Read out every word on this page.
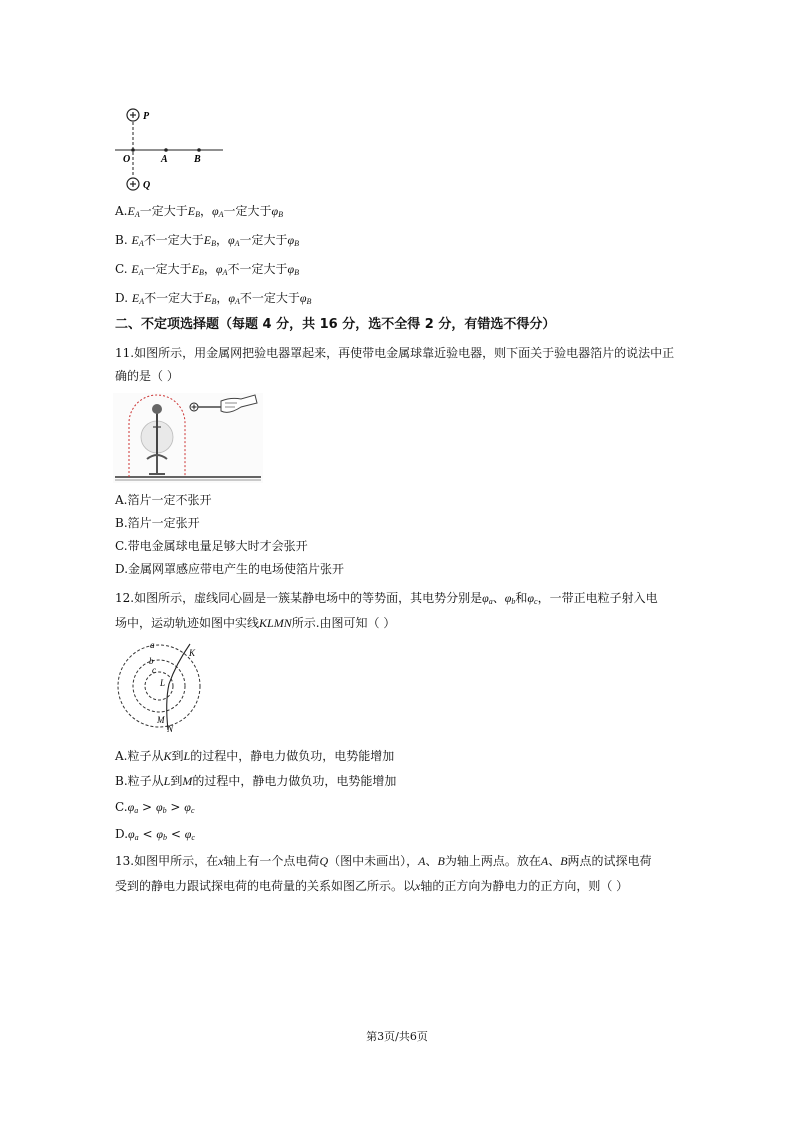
P
Q
O	A	B
$A.E_A$一定大于$E_B$，$\varphi_A$一定大于$\varphi_B$
B. $E_A$不一定大于$E_B$，$\varphi_A$一定大于$\varphi_B$
C. $E_A$一定大于$E_B$，$\varphi_A$不一定大于$\varphi_B$
D. $E_A$不一定大于$E_B$，$\varphi_A$不一定大于$\varphi_B$
二、不定项选择题（每题 4 分，共 16 分，选不全得 2 分，有错选不得分）
11.如图所示，用金属网把验电器罩起来，再使带电金属球靠近验电器，则下面关于验电器箔片的说法中正
确的是（ ）
A.箔片一定不张开
B.箔片一定张开
C.带电金属球电量足够大时才会张开
D.金属网罩感应带电产生的电场使箔片张开
12.如图所示，虚线同心圆是一簇某静电场中的等势面，其电势分别是$\varphi_a$、$\varphi_b$和$\varphi_c$，一带正电粒子射入电
场中，运动轨迹如图中实线KLMN所示.由图可知（ ）
a
b
c
K
L
M
N
A.粒子从K到L的过程中，静电力做负功，电势能增加
B.粒子从L到M的过程中，静电力做负功，电势能增加
$C.\varphi_a > \varphi_b > \varphi_c$
$D.\varphi_a < \varphi_b < \varphi_c$
13.如图甲所示，在x轴上有一个点电荷Q（图中未画出），A、B为轴上两点。放在A、B两点的试探电荷
受到的静电力跟试探电荷的电荷量的关系如图乙所示。以x轴的正方向为静电力的正方向，则（ ）
第3页/共6页
